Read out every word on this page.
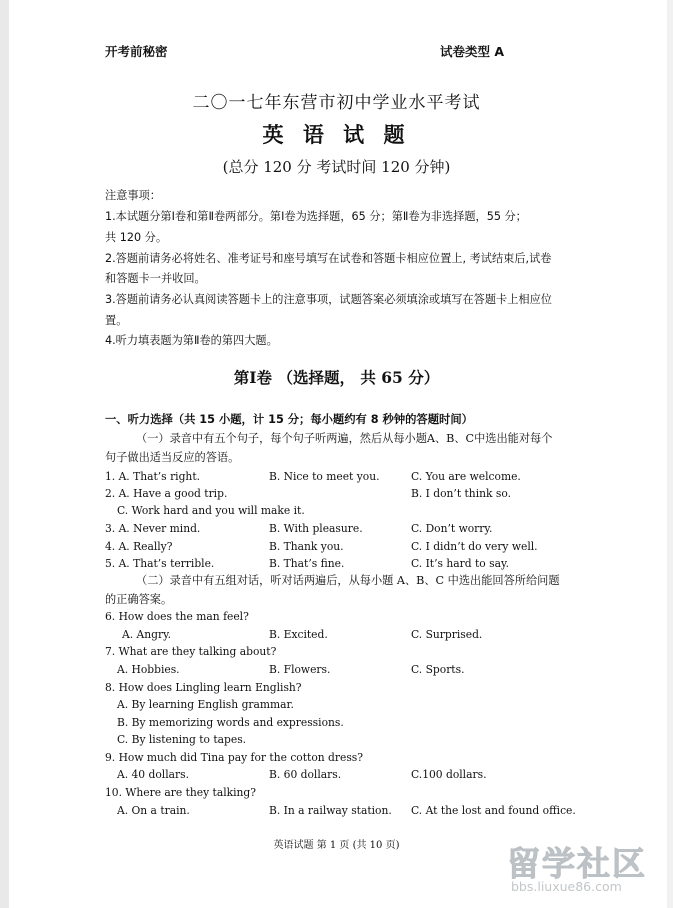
开考前秘密	试卷类型 A
二〇一七年东营市初中学业水平考试
英 语 试 题
(总分 120 分 考试时间 120 分钟)
注意事项：
1.本试题分第Ⅰ卷和第Ⅱ卷两部分。第Ⅰ卷为选择题，65 分；第Ⅱ卷为非选择题，55 分；
共 120 分。
2.答题前请务必将姓名、准考证号和座号填写在试卷和答题卡相应位置上, 考试结束后,试卷
和答题卡一并收回。
3.答题前请务必认真阅读答题卡上的注意事项，试题答案必须填涂或填写在答题卡上相应位
置。
4.听力填表题为第Ⅱ卷的第四大题。
第Ⅰ卷 （选择题， 共 65 分）
一、听力选择（共 15 小题，计 15 分；每小题约有 8 秒钟的答题时间）
（一）录音中有五个句子，每个句子听两遍，然后从每小题A、B、C中选出能对每个
句子做出适当反应的答语。
1. A. That’s right.	B. Nice to meet you.	C. You are welcome.
2. A. Have a good trip.	B. I don’t think so.
C. Work hard and you will make it.
3. A. Never mind.	B. With pleasure.	C. Don’t worry.
4. A. Really?	B. Thank you.	C. I didn’t do very well.
5. A. That’s terrible.	B. That’s fine.	C. It’s hard to say.
（二）录音中有五组对话，听对话两遍后，从每小题 A、B、C 中选出能回答所给问题
的正确答案。
6. How does the man feel?
A. Angry.	B. Excited.	C. Surprised.
7. What are they talking about?
A. Hobbies.	B. Flowers.	C. Sports.
8. How does Lingling learn English?
A. By learning English grammar.
B. By memorizing words and expressions.
C. By listening to tapes.
9. How much did Tina pay for the cotton dress?
A. 40 dollars.	B. 60 dollars.	C.100 dollars.
10. Where are they talking?
A. On a train.	B. In a railway station. C. At the lost and found office.
英语试题 第 1 页 (共 10 页)	留学社区
bbs.liuxue86.com
